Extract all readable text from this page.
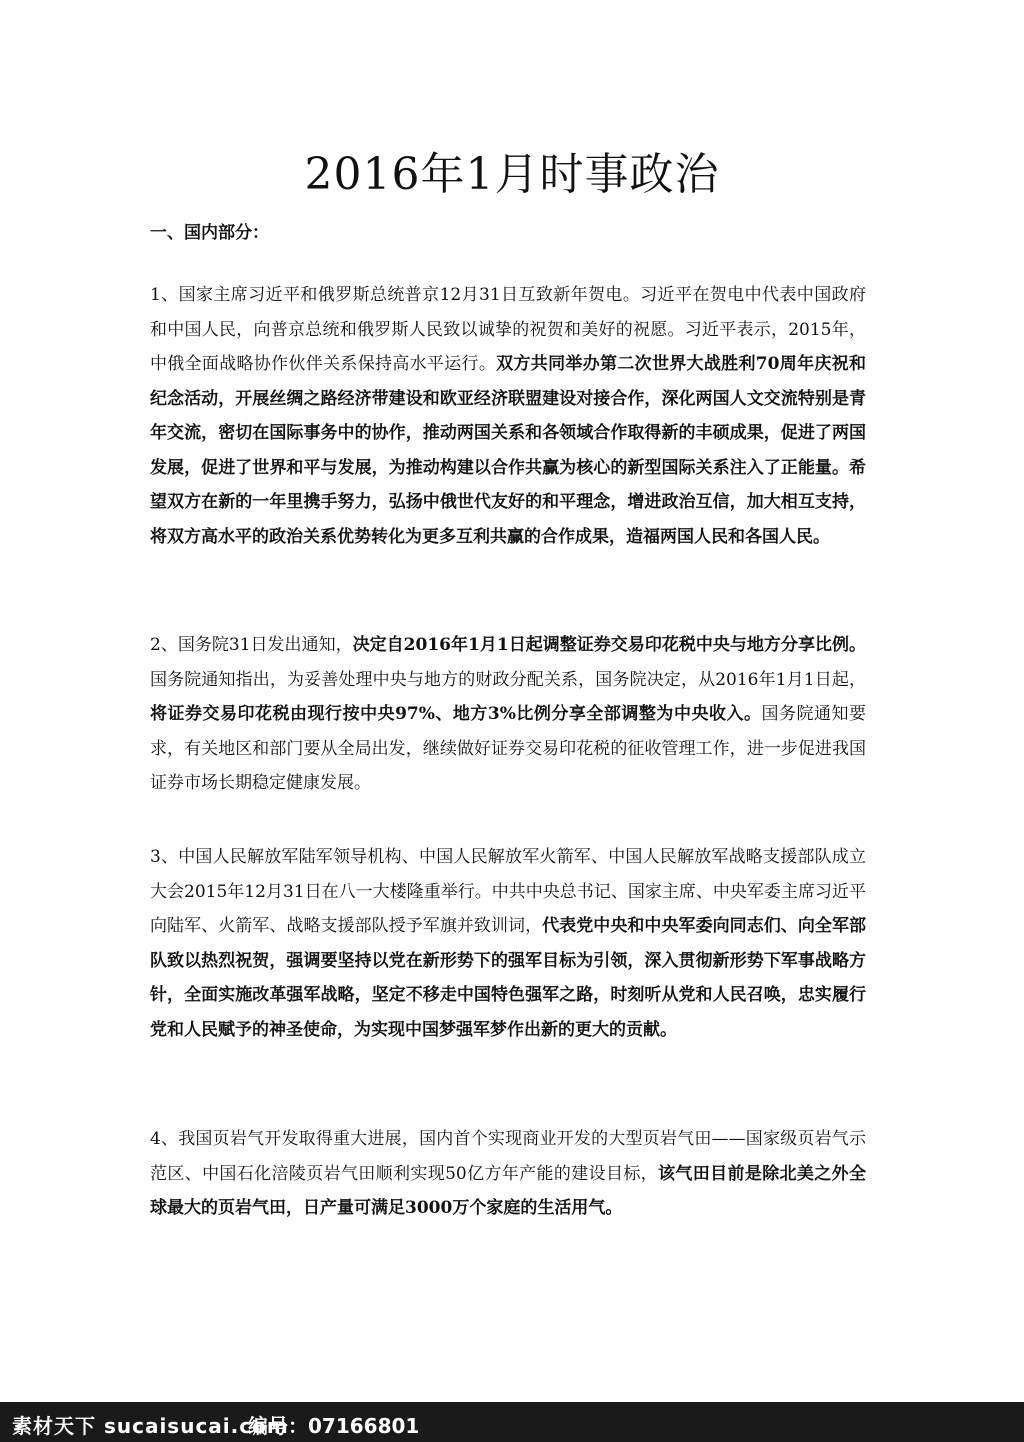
2016年1月时事政治
一、国内部分：

1、国家主席习近平和俄罗斯总统普京12月31日互致新年贺电。习近平在贺电中代表中国政府和中国人民，向普京总统和俄罗斯人民致以诚挚的祝贺和美好的祝愿。习近平表示，2015年，中俄全面战略协作伙伴关系保持高水平运行。双方共同举办第二次世界大战胜利70周年庆祝和纪念活动，开展丝绸之路经济带建设和欧亚经济联盟建设对接合作，深化两国人文交流特别是青年交流，密切在国际事务中的协作，推动两国关系和各领域合作取得新的丰硕成果，促进了两国发展，促进了世界和平与发展，为推动构建以合作共赢为核心的新型国际关系注入了正能量。希望双方在新的一年里携手努力，弘扬中俄世代友好的和平理念，增进政治互信，加大相互支持，将双方高水平的政治关系优势转化为更多互利共赢的合作成果，造福两国人民和各国人民。

2、国务院31日发出通知，决定自2016年1月1日起调整证券交易印花税中央与地方分享比例。国务院通知指出，为妥善处理中央与地方的财政分配关系，国务院决定，从2016年1月1日起，将证券交易印花税由现行按中央97%、地方3%比例分享全部调整为中央收入。国务院通知要求，有关地区和部门要从全局出发，继续做好证券交易印花税的征收管理工作，进一步促进我国证券市场长期稳定健康发展。

3、中国人民解放军陆军领导机构、中国人民解放军火箭军、中国人民解放军战略支援部队成立大会2015年12月31日在八一大楼隆重举行。中共中央总书记、国家主席、中央军委主席习近平向陆军、火箭军、战略支援部队授予军旗并致训词，代表党中央和中央军委向同志们、向全军部队致以热烈祝贺，强调要坚持以党在新形势下的强军目标为引领，深入贯彻新形势下军事战略方针，全面实施改革强军战略，坚定不移走中国特色强军之路，时刻听从党和人民召唤，忠实履行党和人民赋予的神圣使命，为实现中国梦强军梦作出新的更大的贡献。

4、我国页岩气开发取得重大进展，国内首个实现商业开发的大型页岩气田——国家级页岩气示范区、中国石化涪陵页岩气田顺利实现50亿方年产能的建设目标，该气田目前是除北美之外全球最大的页岩气田，日产量可满足3000万个家庭的生活用气。

素材天下 sucaisucai.com
编号：07166801
